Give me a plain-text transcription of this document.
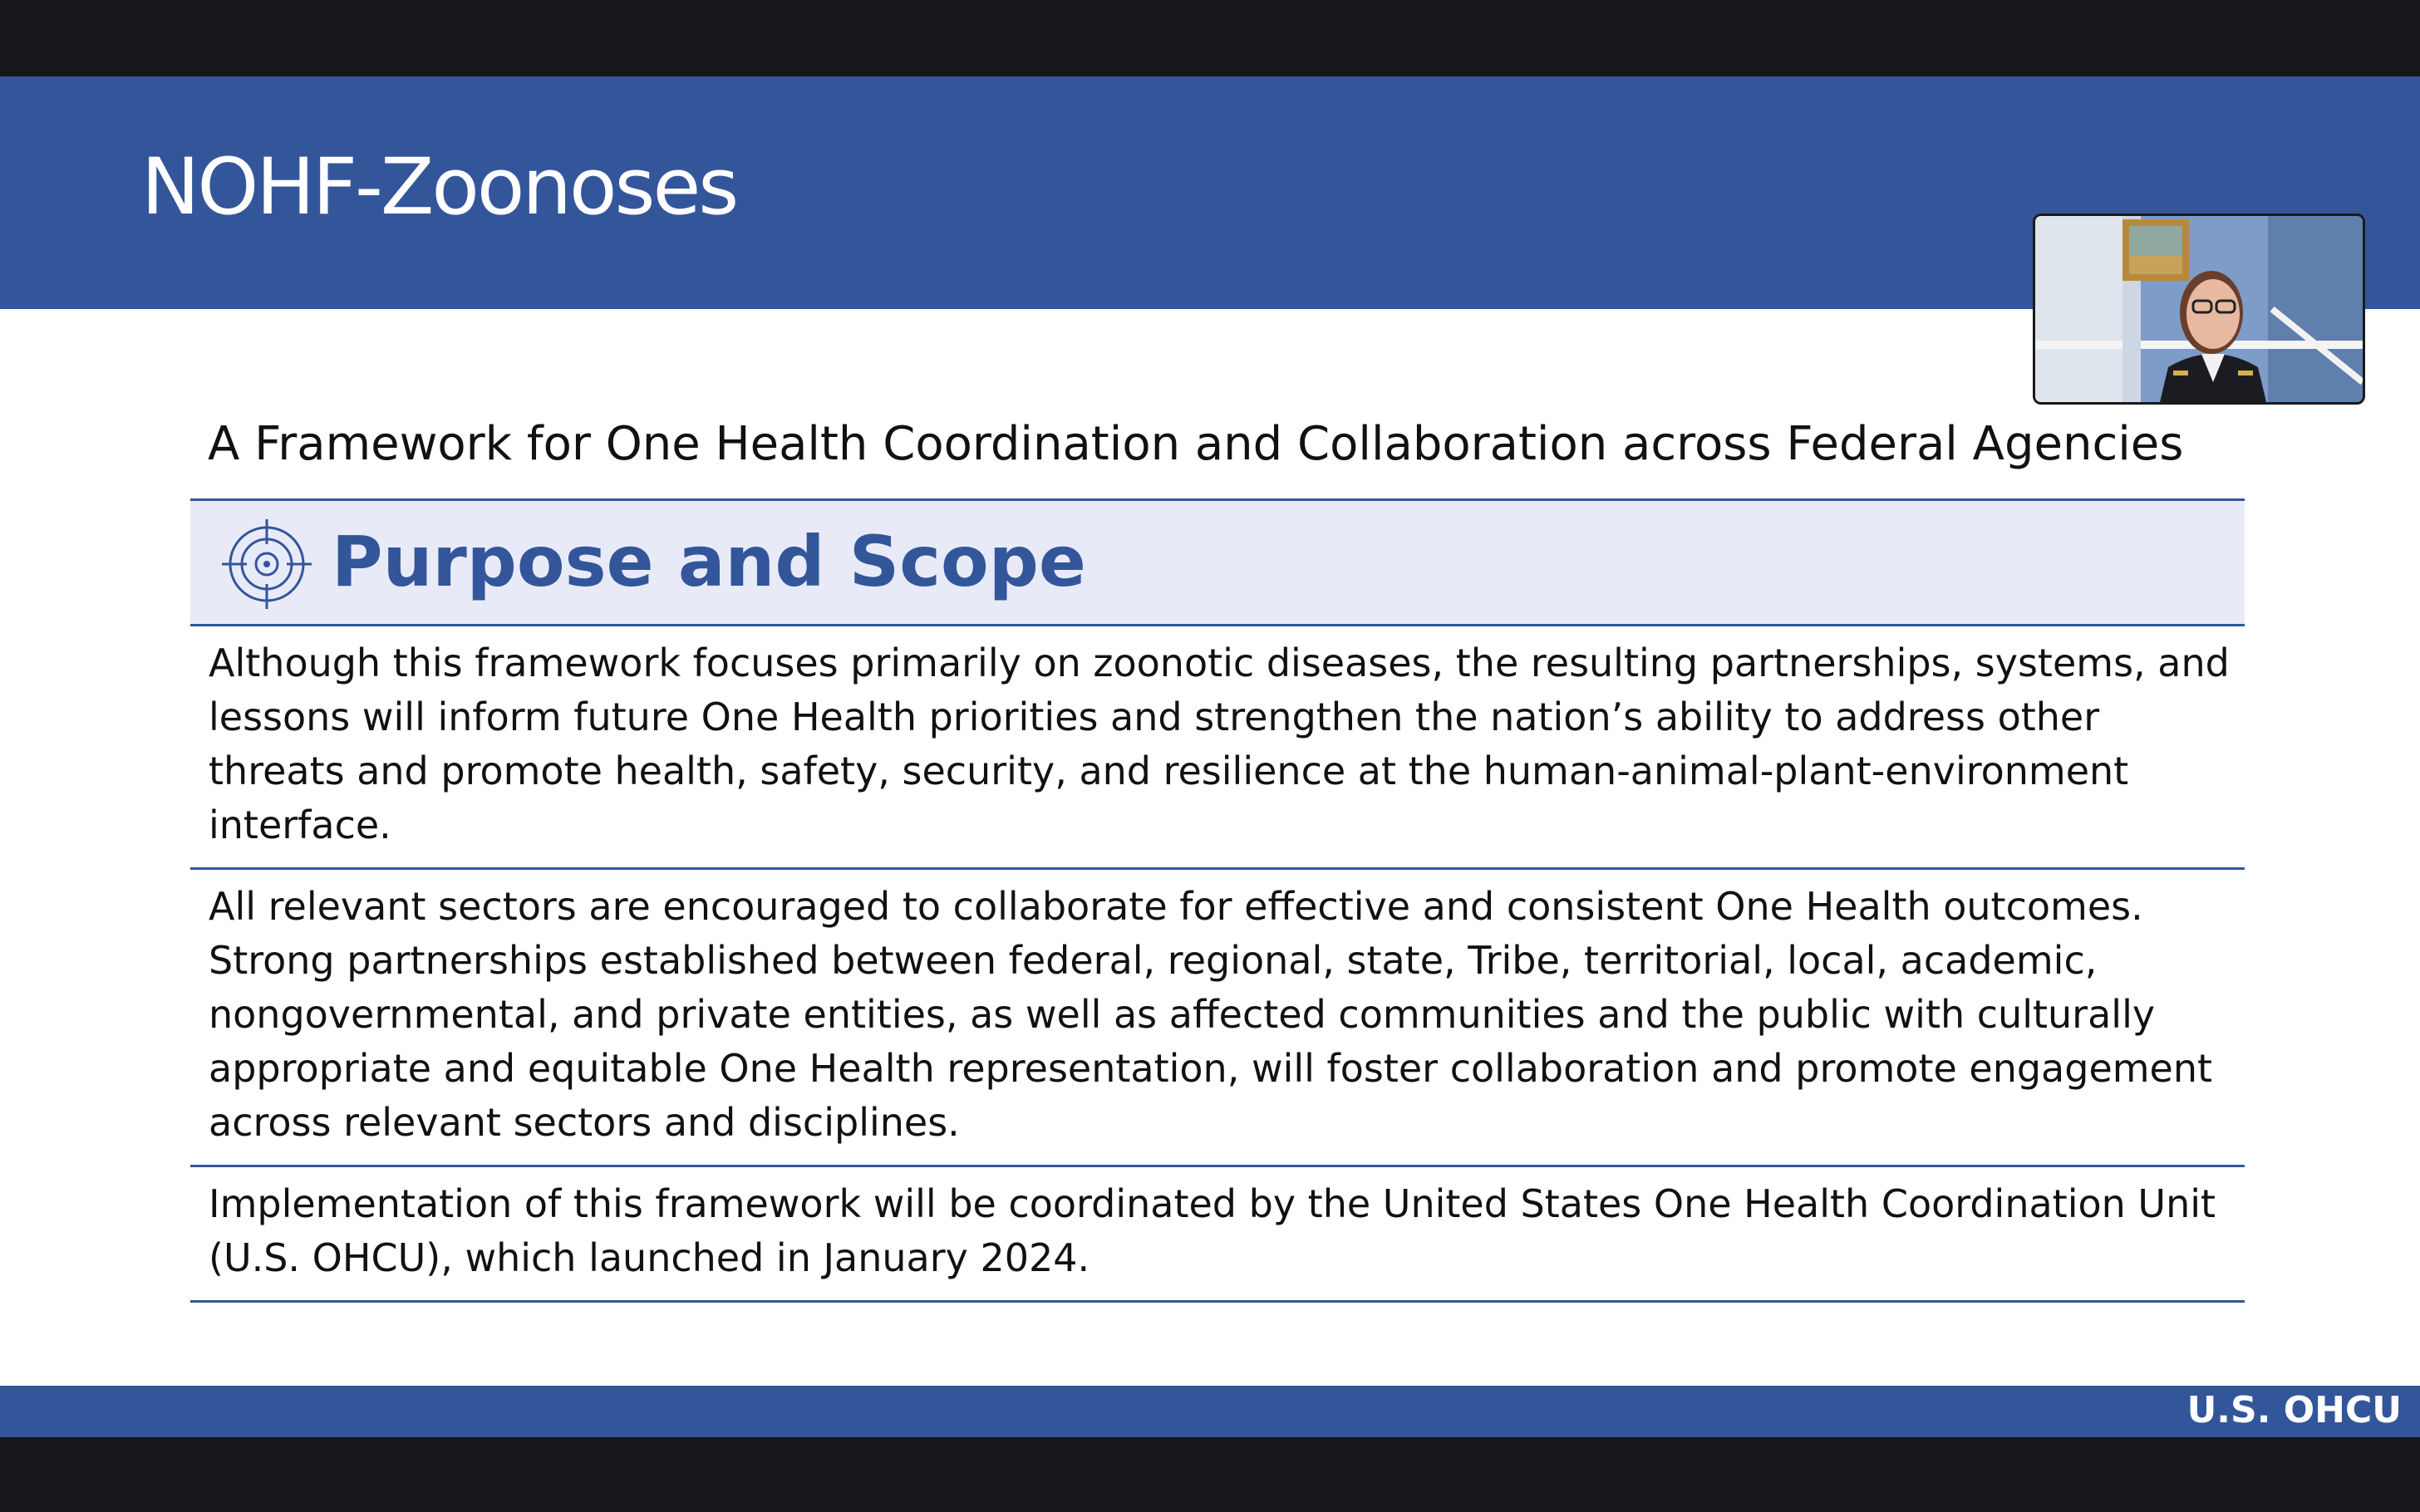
NOHF-Zoonoses

A Framework for One Health Coordination and Collaboration across Federal Agencies

Purpose and Scope

Although this framework focuses primarily on zoonotic diseases, the resulting partnerships, systems, and lessons will inform future One Health priorities and strengthen the nation’s ability to address other threats and promote health, safety, security, and resilience at the human-animal-plant-environment interface.

All relevant sectors are encouraged to collaborate for effective and consistent One Health outcomes. Strong partnerships established between federal, regional, state, Tribe, territorial, local, academic, nongovernmental, and private entities, as well as affected communities and the public with culturally appropriate and equitable One Health representation, will foster collaboration and promote engagement across relevant sectors and disciplines.

Implementation of this framework will be coordinated by the United States One Health Coordination Unit (U.S. OHCU), which launched in January 2024.

U.S. OHCU
